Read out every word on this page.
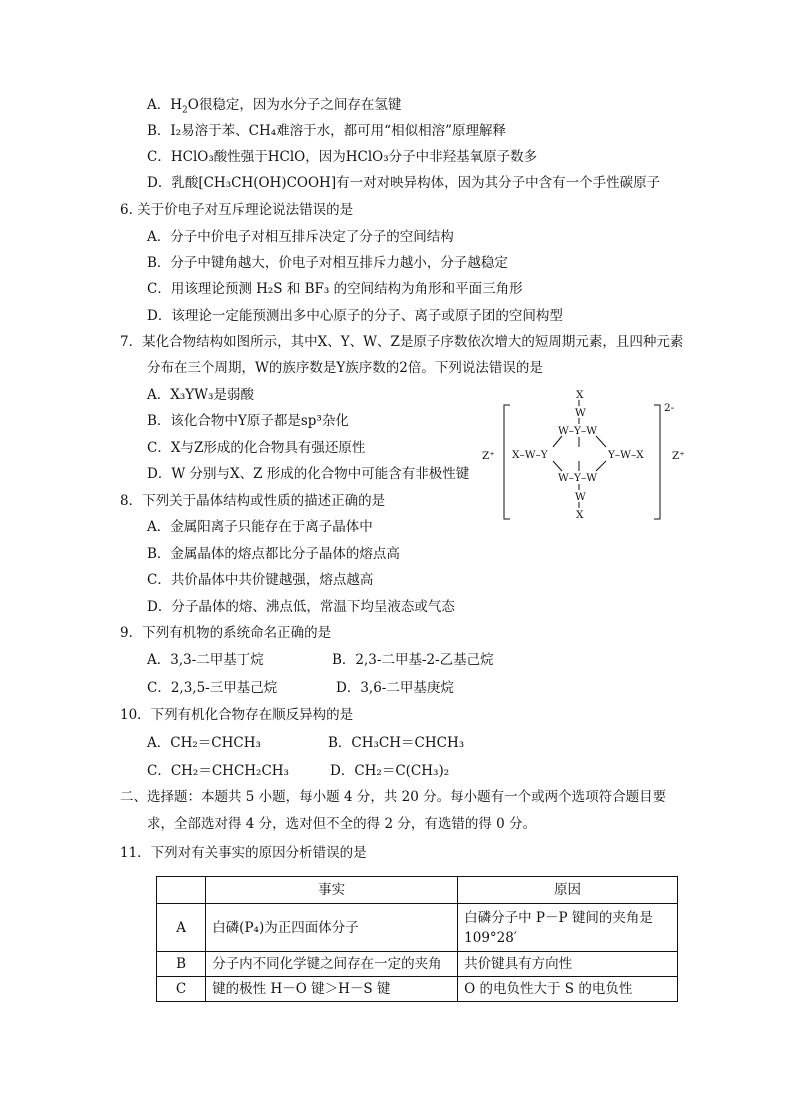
A．$H_2O$很稳定，因为水分子之间存在氢键
B．I₂易溶于苯、CH₄难溶于水，都可用“相似相溶”原理解释
C．HClO₃酸性强于HClO，因为HClO₃分子中非羟基氧原子数多
D．乳酸[CH₃CH(OH)COOH]有一对对映异构体，因为其分子中含有一个手性碳原子
6. 关于价电子对互斥理论说法错误的是
A．分子中价电子对相互排斥决定了分子的空间结构
B．分子中键角越大，价电子对相互排斥力越小，分子越稳定
C．用该理论预测 H₂S 和 BF₃ 的空间结构为角形和平面三角形
D．该理论一定能预测出多中心原子的分子、离子或原子团的空间构型
7．某化合物结构如图所示，其中X、Y、W、Z是原子序数依次增大的短周期元素，且四种元素
分布在三个周期，W的族序数是Y族序数的2倍。下列说法错误的是
A．X₃YW₃是弱酸
B．该化合物中Y原子都是sp³杂化
C．X与Z形成的化合物具有强还原性
D．W 分别与X、Z 形成的化合物中可能含有非极性键
2-
Z⁺	Z⁺
X
W
W–Y–W
X–W–Y	Y–W–X
W–Y–W
W
X
8．下列关于晶体结构或性质的描述正确的是
A．金属阳离子只能存在于离子晶体中
B．金属晶体的熔点都比分子晶体的熔点高
C．共价晶体中共价键越强，熔点越高
D．分子晶体的熔、沸点低，常温下均呈液态或气态
9．下列有机物的系统命名正确的是
A．3,3-二甲基丁烷	B．2,3-二甲基-2-乙基己烷
C．2,3,5-三甲基己烷	D．3,6-二甲基庚烷
10．下列有机化合物存在顺反异构的是
A．CH₂＝CHCH₃	B．CH₃CH＝CHCH₃
C．CH₂＝CHCH₂CH₃	D．CH₂＝C(CH₃)₂
二、选择题：本题共 5 小题，每小题 4 分，共 20 分。每小题有一个或两个选项符合题目要
求，全部选对得 4 分，选对但不全的得 2 分，有选错的得 0 分。
11．下列对有关事实的原因分析错误的是
	事实	原因
A	白磷(P₄)为正四面体分子	白磷分子中 P－P 键间的夹角是 109°28′
B	分子内不同化学键之间存在一定的夹角	共价键具有方向性
C	键的极性 H－O 键＞H－S 键	O 的电负性大于 S 的电负性
